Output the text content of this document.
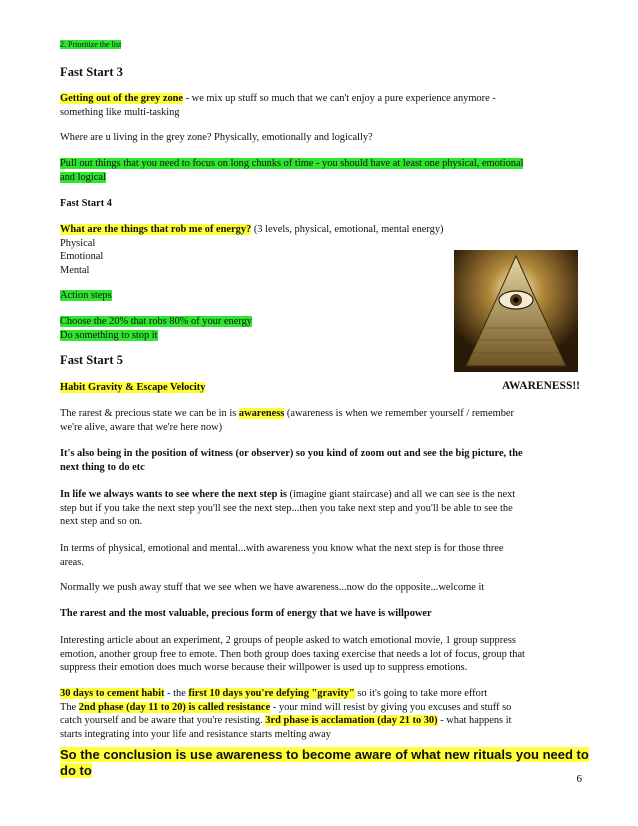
2. Prioritize the list
Fast Start 3
Getting out of the grey zone - we mix up stuff so much that we can't enjoy a pure experience anymore -
something like multi-tasking
Where are u living in the grey zone? Physically, emotionally and logically?
Pull out things that you need to focus on long chunks of time - you should have at least one physical, emotional
and logical
Fast Start 4
What are the things that rob me of energy? (3 levels, physical, emotional, mental energy)
Physical
Emotional
Mental
Action steps
Choose the 20% that robs 80% of your energy
Do something to stop it
Fast Start 5
Habit Gravity & Escape Velocity	AWARENESS!!
The rarest & precious state we can be in is awareness (awareness is when we remember yourself / remember
we're alive, aware that we're here now)
It's also being in the position of witness (or observer) so you kind of zoom out and see the big picture, the
next thing to do etc
In life we always wants to see where the next step is (imagine giant staircase) and all we can see is the next
step but if you take the next step you'll see the next step...then you take next step and you'll be able to see the
next step and so on.
In terms of physical, emotional and mental...with awareness you know what the next step is for those three
areas.
Normally we push away stuff that we see when we have awareness...now do the opposite...welcome it
The rarest and the most valuable, precious form of energy that we have is willpower
Interesting article about an experiment, 2 groups of people asked to watch emotional movie, 1 group suppress
emotion, another group free to emote. Then both group does taxing exercise that needs a lot of focus, group that
suppress their emotion does much worse because their willpower is used up to suppress emotions.
30 days to cement habit - the first 10 days you're defying "gravity" so it's going to take more effort
The 2nd phase (day 11 to 20) is called resistance - your mind will resist by giving you excuses and stuff so
catch yourself and be aware that you're resisting. 3rd phase is acclamation (day 21 to 30) - what happens it
starts integrating into your life and resistance starts melting away
So the conclusion is use awareness to become aware of what new rituals you need to do to
6
